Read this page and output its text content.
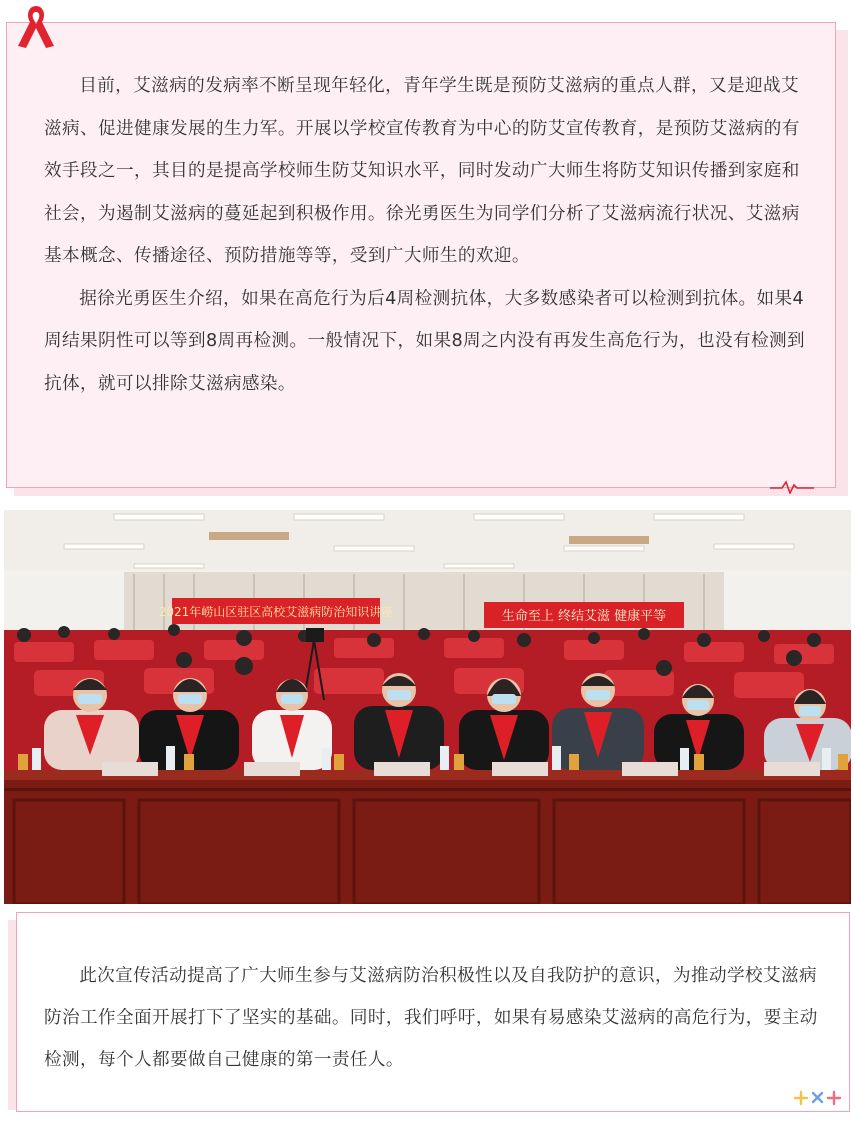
目前，艾滋病的发病率不断呈现年轻化，青年学生既是预防艾滋病的重点人群，又是迎战艾滋病、促进健康发展的生力军。开展以学校宣传教育为中心的防艾宣传教育，是预防艾滋病的有效手段之一，其目的是提高学校师生防艾知识水平，同时发动广大师生将防艾知识传播到家庭和社会，为遏制艾滋病的蔓延起到积极作用。徐光勇医生为同学们分析了艾滋病流行状况、艾滋病基本概念、传播途径、预防措施等等，受到广大师生的欢迎。

据徐光勇医生介绍，如果在高危行为后4周检测抗体，大多数感染者可以检测到抗体。如果4周结果阴性可以等到8周再检测。一般情况下，如果8周之内没有再发生高危行为，也没有检测到抗体，就可以排除艾滋病感染。

2021年崂山区驻区高校艾滋病防治知识讲座	生命至上 终结艾滋 健康平等

此次宣传活动提高了广大师生参与艾滋病防治积极性以及自我防护的意识，为推动学校艾滋病防治工作全面开展打下了坚实的基础。同时，我们呼吁，如果有易感染艾滋病的高危行为，要主动检测，每个人都要做自己健康的第一责任人。
